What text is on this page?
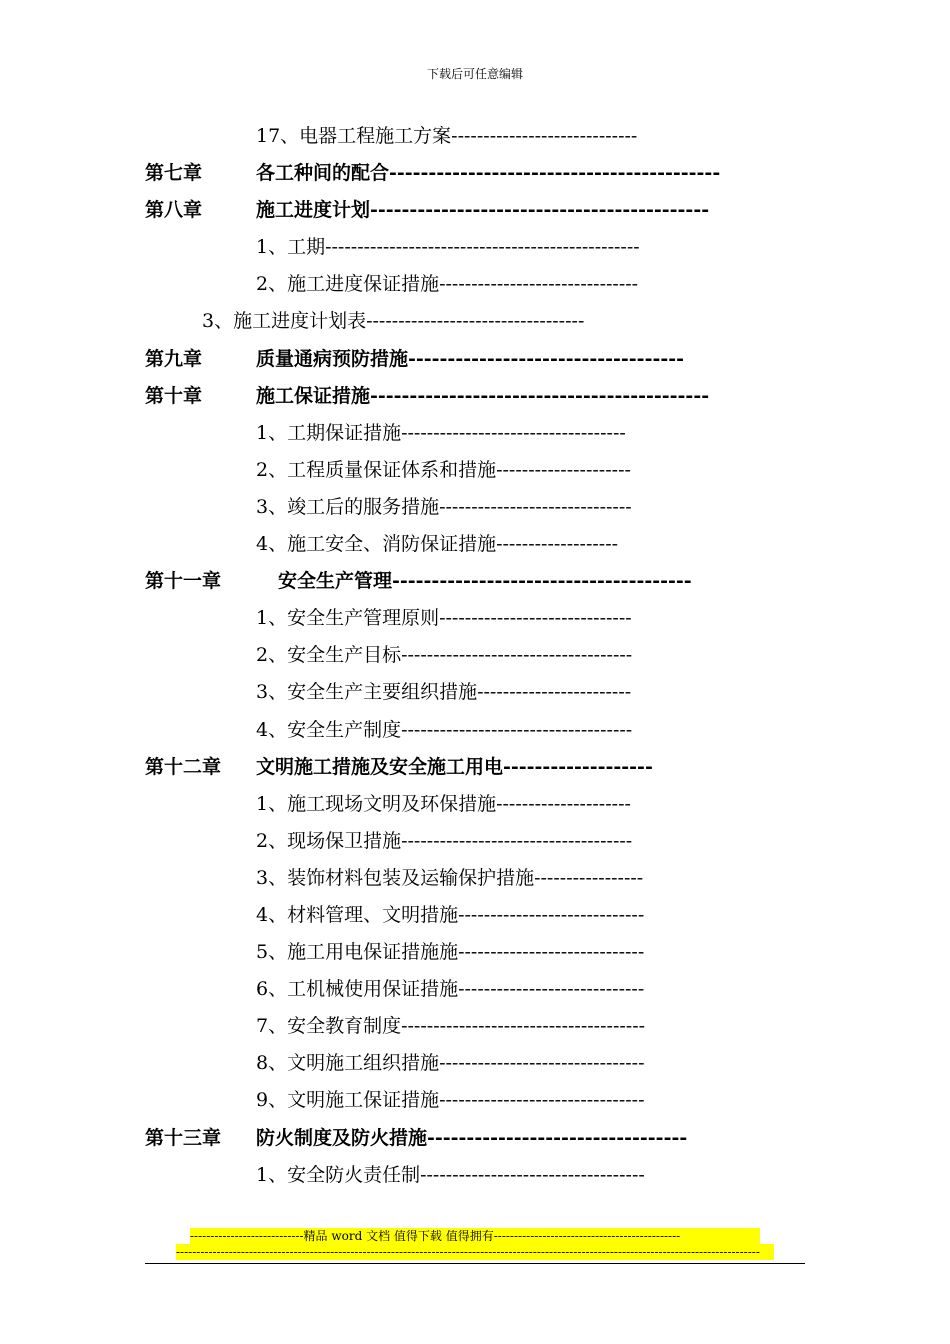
下载后可任意编辑
17、电器工程施工方案-----------------------------
第七章	各工种间的配合------------------------------------------
第八章	施工进度计划-------------------------------------------
1、工期-------------------------------------------------
2、施工进度保证措施-------------------------------
3、施工进度计划表----------------------------------
第九章	质量通病预防措施-----------------------------------
第十章	施工保证措施-------------------------------------------
1、工期保证措施-----------------------------------
2、工程质量保证体系和措施---------------------
3、竣工后的服务措施------------------------------
4、施工安全、消防保证措施-------------------
第十一章	安全生产管理--------------------------------------
1、安全生产管理原则------------------------------
2、安全生产目标------------------------------------
3、安全生产主要组织措施------------------------
4、安全生产制度------------------------------------
第十二章 文明施工措施及安全施工用电-------------------
1、施工现场文明及环保措施---------------------
2、现场保卫措施------------------------------------
3、装饰材料包装及运输保护措施-----------------
4、材料管理、文明措施-----------------------------
5、施工用电保证措施施-----------------------------
6、工机械使用保证措施-----------------------------
7、安全教育制度--------------------------------------
8、文明施工组织措施--------------------------------
9、文明施工保证措施--------------------------------
第十三章 防火制度及防火措施---------------------------------
1、安全防火责任制-----------------------------------
----------------------------精品 word 文档 值得下载 值得拥有----------------------------------------------
------------------------------------------------------------------------------------------------------------------------------------------------
